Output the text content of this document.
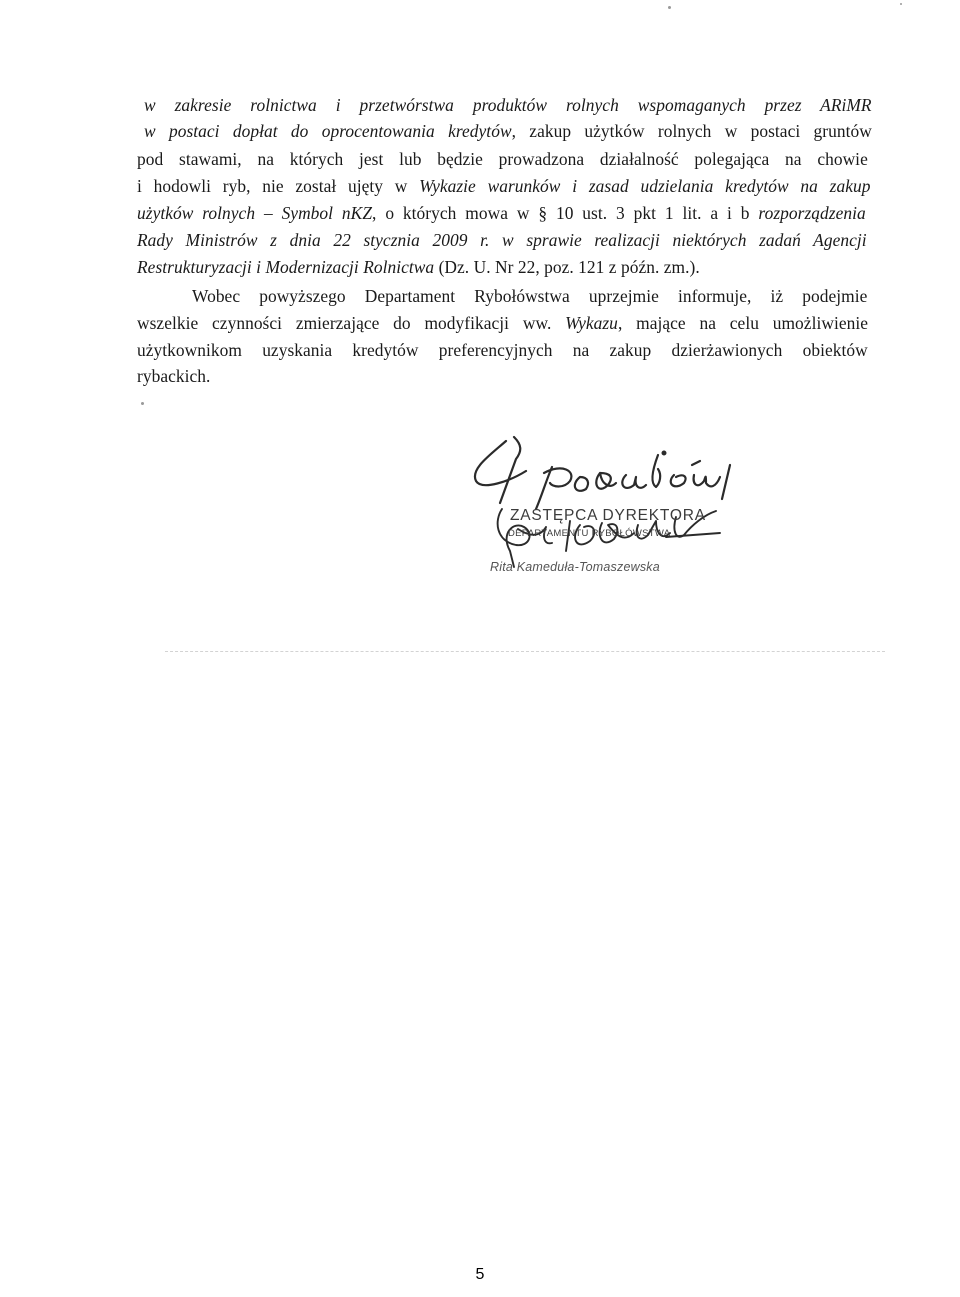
w zakresie rolnictwa i przetwórstwa produktów rolnych wspomaganych przez ARiMR
w postaci dopłat do oprocentowania kredytów, zakup użytków rolnych w postaci gruntów
pod stawami, na których jest lub będzie prowadzona działalność polegająca na chowie
i hodowli ryb, nie został ujęty w Wykazie warunków i zasad udzielania kredytów na zakup
użytków rolnych – Symbol nKZ, o których mowa w § 10 ust. 3 pkt 1 lit. a i b rozporządzenia
Rady Ministrów z dnia 22 stycznia 2009 r. w sprawie realizacji niektórych zadań Agencji
Restrukturyzacji i Modernizacji Rolnictwa (Dz. U. Nr 22, poz. 121 z późn. zm.).
Wobec powyższego Departament Rybołówstwa uprzejmie informuje, iż podejmie
wszelkie czynności zmierzające do modyfikacji ww. Wykazu, mające na celu umożliwienie
użytkownikom uzyskania kredytów preferencyjnych na zakup dzierżawionych obiektów
rybackich.
ZASTĘPCA DYREKTORA
DEPARTAMENTU RYBOŁÓWSTWA
Rita Kameduła-Tomaszewska
5
